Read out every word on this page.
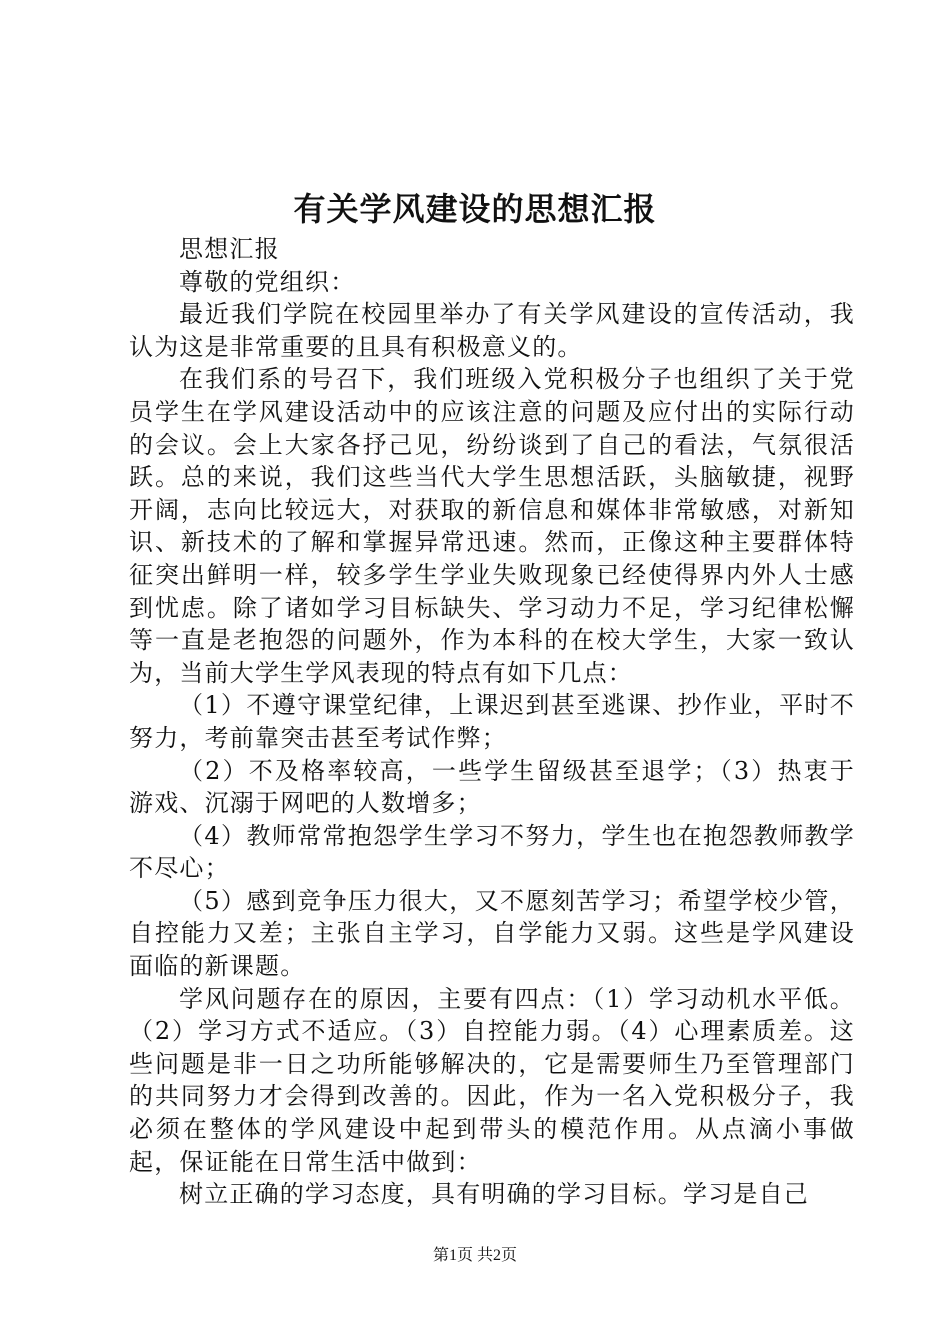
有关学风建设的思想汇报

思想汇报

尊敬的党组织：

最近我们学院在校园里举办了有关学风建设的宣传活动，我认为这是非常重要的且具有积极意义的。

在我们系的号召下，我们班级入党积极分子也组织了关于党员学生在学风建设活动中的应该注意的问题及应付出的实际行动的会议。会上大家各抒己见，纷纷谈到了自己的看法，气氛很活跃。总的来说，我们这些当代大学生思想活跃，头脑敏捷，视野开阔，志向比较远大，对获取的新信息和媒体非常敏感，对新知识、新技术的了解和掌握异常迅速。然而，正像这种主要群体特征突出鲜明一样，较多学生学业失败现象已经使得界内外人士感到忧虑。除了诸如学习目标缺失、学习动力不足，学习纪律松懈等一直是老抱怨的问题外，作为本科的在校大学生，大家一致认为，当前大学生学风表现的特点有如下几点：

（1）不遵守课堂纪律，上课迟到甚至逃课、抄作业，平时不努力，考前靠突击甚至考试作弊；

（2）不及格率较高，一些学生留级甚至退学；（3）热衷于游戏、沉溺于网吧的人数增多；

（4）教师常常抱怨学生学习不努力，学生也在抱怨教师教学不尽心；

（5）感到竞争压力很大，又不愿刻苦学习；希望学校少管，自控能力又差；主张自主学习，自学能力又弱。这些是学风建设面临的新课题。

学风问题存在的原因，主要有四点：（1）学习动机水平低。（2）学习方式不适应。（3）自控能力弱。（4）心理素质差。这些问题是非一日之功所能够解决的，它是需要师生乃至管理部门的共同努力才会得到改善的。因此，作为一名入党积极分子，我必须在整体的学风建设中起到带头的模范作用。从点滴小事做起，保证能在日常生活中做到：

树立正确的学习态度，具有明确的学习目标。学习是自己

第1页 共2页
